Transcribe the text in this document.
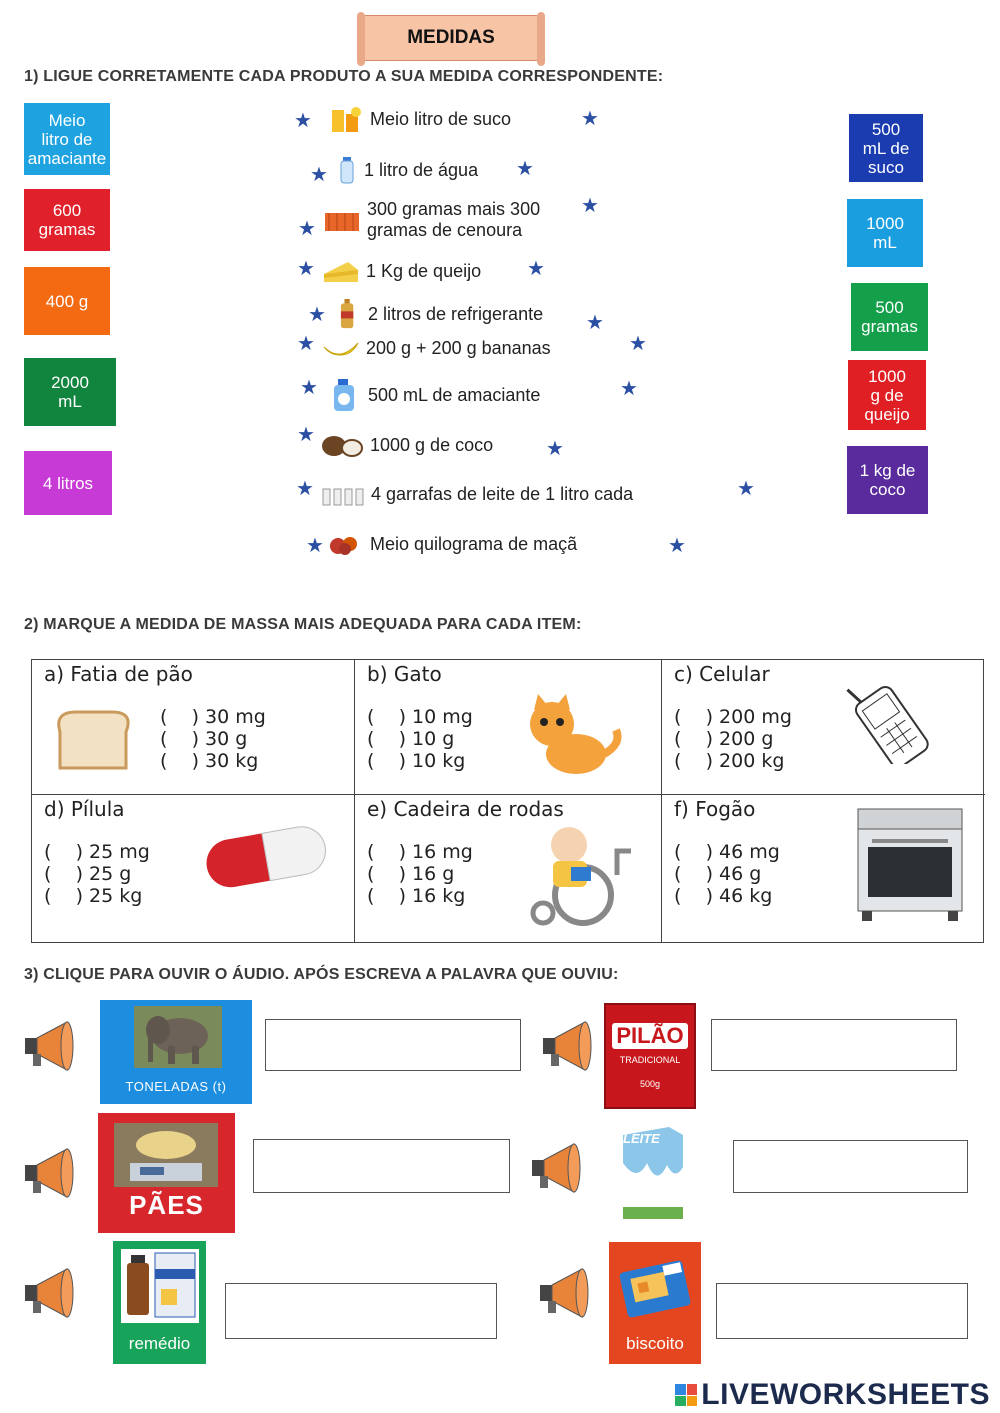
MEDIDAS
1) LIGUE CORRETAMENTE CADA PRODUTO A SUA MEDIDA CORRESPONDENTE:
Meio
litro de
amaciante
600
gramas
400 g
2000
mL
4 litros
500
mL de
suco
1000
mL
500
gramas
1000
g de
queijo
1 kg de
coco
★	Meio litro de suco	★
★ 1 litro de água ★
★
300 gramas mais 300
gramas de cenoura
★
★	1 Kg de queijo ★
★ 2 litros de refrigerante ★
★	200 g + 200 g bananas	★
★	500 mL de amaciante	★
★	1000 g de coco	★
★	4 garrafas de leite de 1 litro cada	★
★	Meio quilograma de maçã	★
2) MARQUE A MEDIDA DE MASSA MAIS ADEQUADA PARA CADA ITEM:
a) Fatia de pão
(    ) 30 mg
(    ) 30 g
(    ) 30 kg
b) Gato
(    ) 10 mg
(    ) 10 g
(    ) 10 kg
c) Celular
(    ) 200 mg
(    ) 200 g
(    ) 200 kg
d) Pílula
(    ) 25 mg
(    ) 25 g
(    ) 25 kg
e) Cadeira de rodas
(    ) 16 mg
(    ) 16 g
(    ) 16 kg
f) Fogão
(    ) 46 mg
(    ) 46 g
(    ) 46 kg
3) CLIQUE PARA OUVIR O ÁUDIO. APÓS ESCREVA A PALAVRA QUE OUVIU:
TONELADAS (t)
PILÃO
TRADICIONAL
500g
PÃES
LEITE
remédio	biscoito
LIVEWORKSHEETS
